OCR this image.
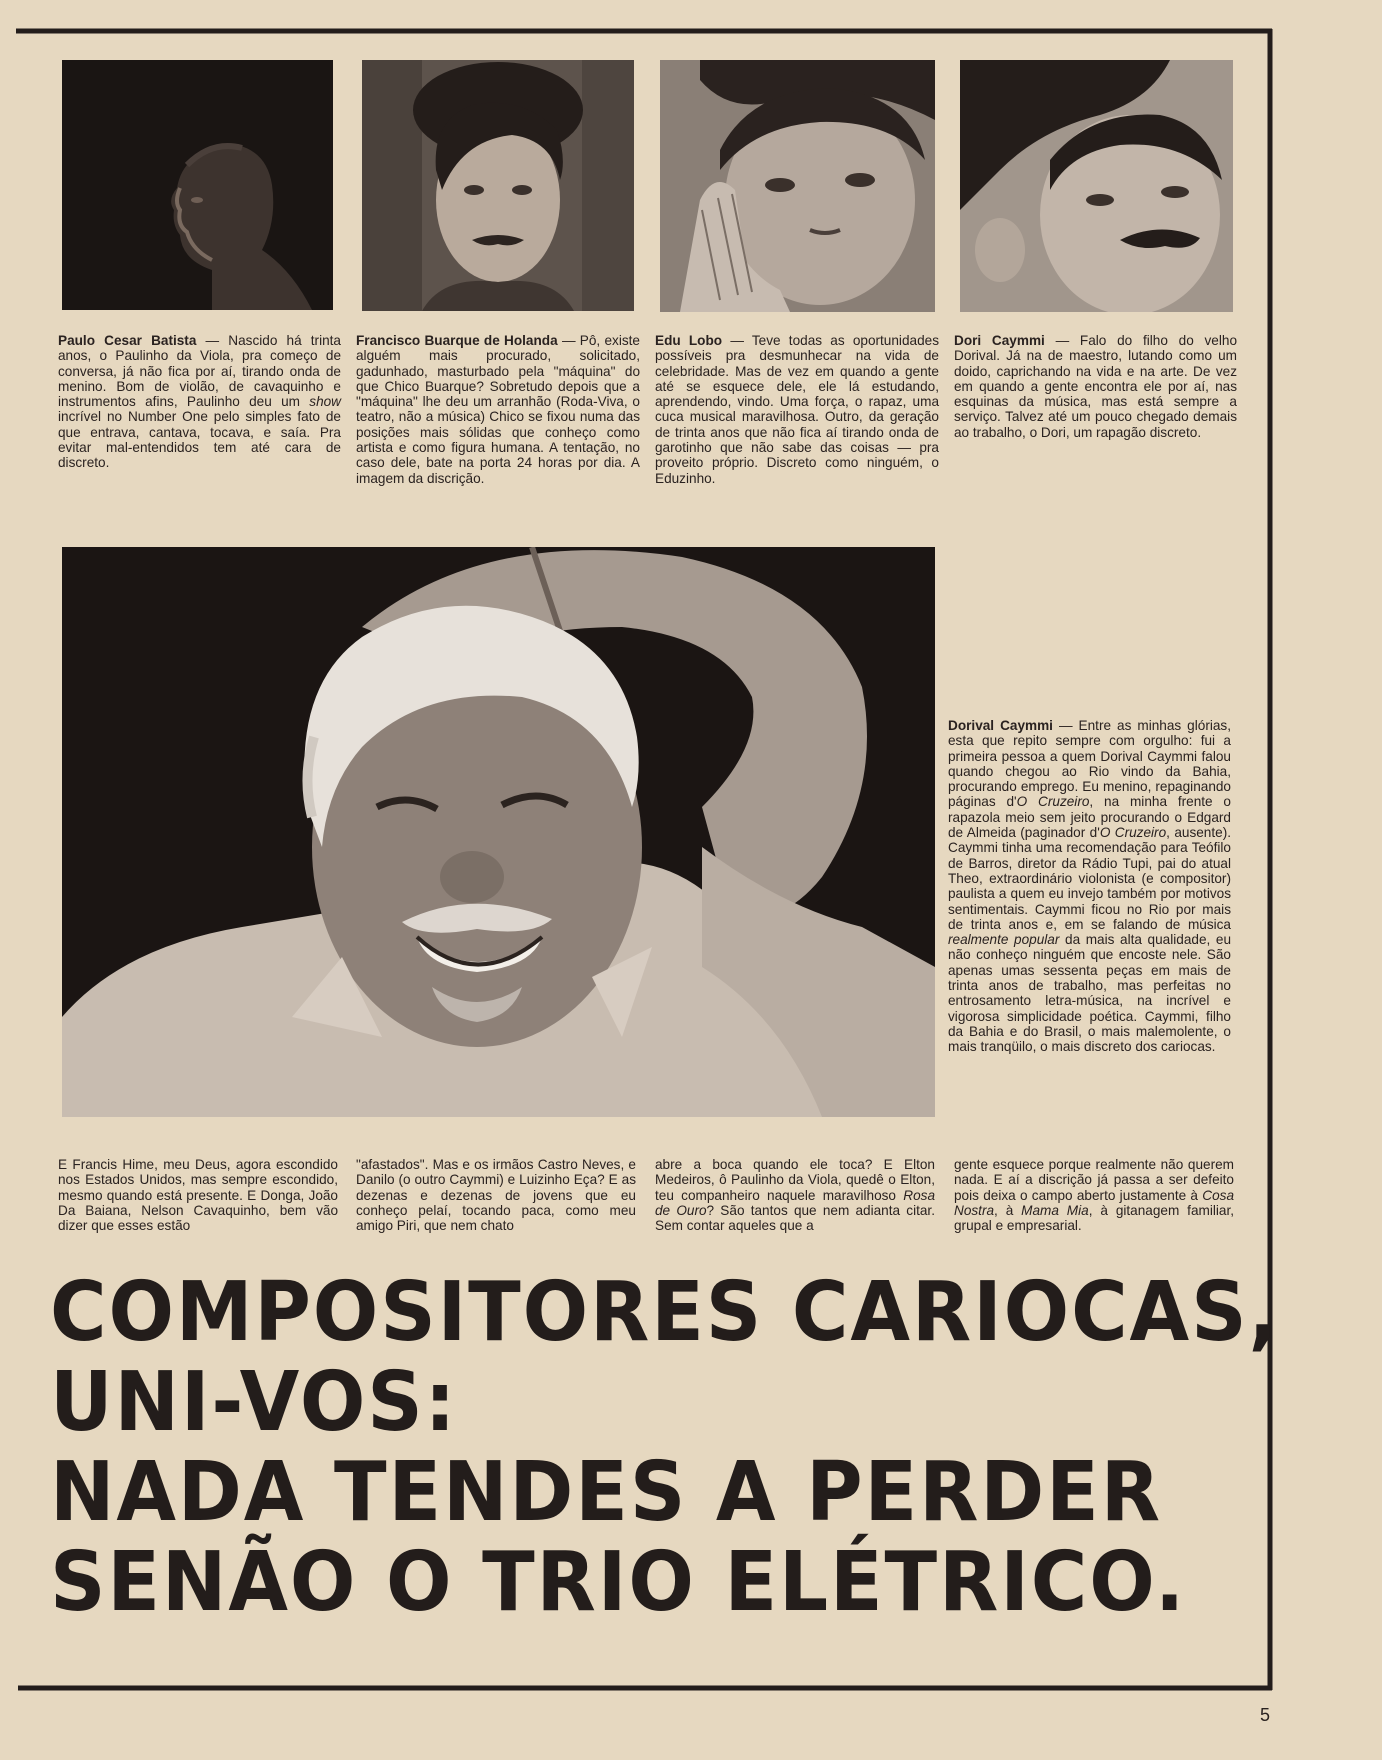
Paulo Cesar Batista — Nascido há trinta anos, o Paulinho da Viola, pra começo de conversa, já não fica por aí, tirando onda de menino. Bom de violão, de cavaquinho e instrumentos afins, Paulinho deu um show incrível no Number One pelo simples fato de que entrava, cantava, tocava, e saía. Pra evitar mal-entendidos tem até cara de discreto.
Francisco Buarque de Holanda — Pô, existe alguém mais procurado, solicitado, gadunhado, masturbado pela "máquina" do que Chico Buarque? Sobretudo depois que a "máquina" lhe deu um arranhão (Roda-Viva, o teatro, não a música) Chico se fixou numa das posições mais sólidas que conheço como artista e como figura humana. A tentação, no caso dele, bate na porta 24 horas por dia. A imagem da discrição.
Edu Lobo — Teve todas as oportunidades possíveis pra desmunhecar na vida de celebridade. Mas de vez em quando a gente até se esquece dele, ele lá estudando, aprendendo, vindo. Uma força, o rapaz, uma cuca musical maravilhosa. Outro, da geração de trinta anos que não fica aí tirando onda de garotinho que não sabe das coisas — pra proveito próprio. Discreto como ninguém, o Eduzinho.
Dori Caymmi — Falo do filho do velho Dorival. Já na de maestro, lutando como um doido, caprichando na vida e na arte. De vez em quando a gente encontra ele por aí, nas esquinas da música, mas está sempre a serviço. Talvez até um pouco chegado demais ao trabalho, o Dori, um rapagão discreto.
Dorival Caymmi — Entre as minhas glórias, esta que repito sempre com orgulho: fui a primeira pessoa a quem Dorival Caymmi falou quando chegou ao Rio vindo da Bahia, procurando emprego. Eu menino, repaginando páginas d'O Cruzeiro, na minha frente o rapazola meio sem jeito procurando o Edgard de Almeida (paginador d'O Cruzeiro, ausente). Caymmi tinha uma recomendação para Teófilo de Barros, diretor da Rádio Tupi, pai do atual Theo, extraordinário violonista (e compositor) paulista a quem eu invejo também por motivos sentimentais. Caymmi ficou no Rio por mais de trinta anos e, em se falando de música realmente popular da mais alta qualidade, eu não conheço ninguém que encoste nele. São apenas umas sessenta peças em mais de trinta anos de trabalho, mas perfeitas no entrosamento letra-música, na incrível e vigorosa simplicidade poética. Caymmi, filho da Bahia e do Brasil, o mais malemolente, o mais tranqüilo, o mais discreto dos cariocas.
E Francis Hime, meu Deus, agora escondido nos Estados Unidos, mas sempre escondido, mesmo quando está presente. E Donga, João Da Baiana, Nelson Cavaquinho, bem vão dizer que esses estão
"afastados". Mas e os irmãos Castro Neves, e Danilo (o outro Caymmi) e Luizinho Eça? E as dezenas e dezenas de jovens que eu conheço pelaí, tocando paca, como meu amigo Piri, que nem chato
abre a boca quando ele toca? E Elton Medeiros, ô Paulinho da Viola, quedê o Elton, teu companheiro naquele maravilhoso Rosa de Ouro? São tantos que nem adianta citar. Sem contar aqueles que a
gente esquece porque realmente não querem nada. E aí a discrição já passa a ser defeito pois deixa o campo aberto justamente à Cosa Nostra, à Mama Mia, à gitanagem familiar, grupal e empresarial.
COMPOSITORES CARIOCAS,
UNI-VOS:
NADA TENDES A PERDER
SENÃO O TRIO ELÉTRICO.
5
